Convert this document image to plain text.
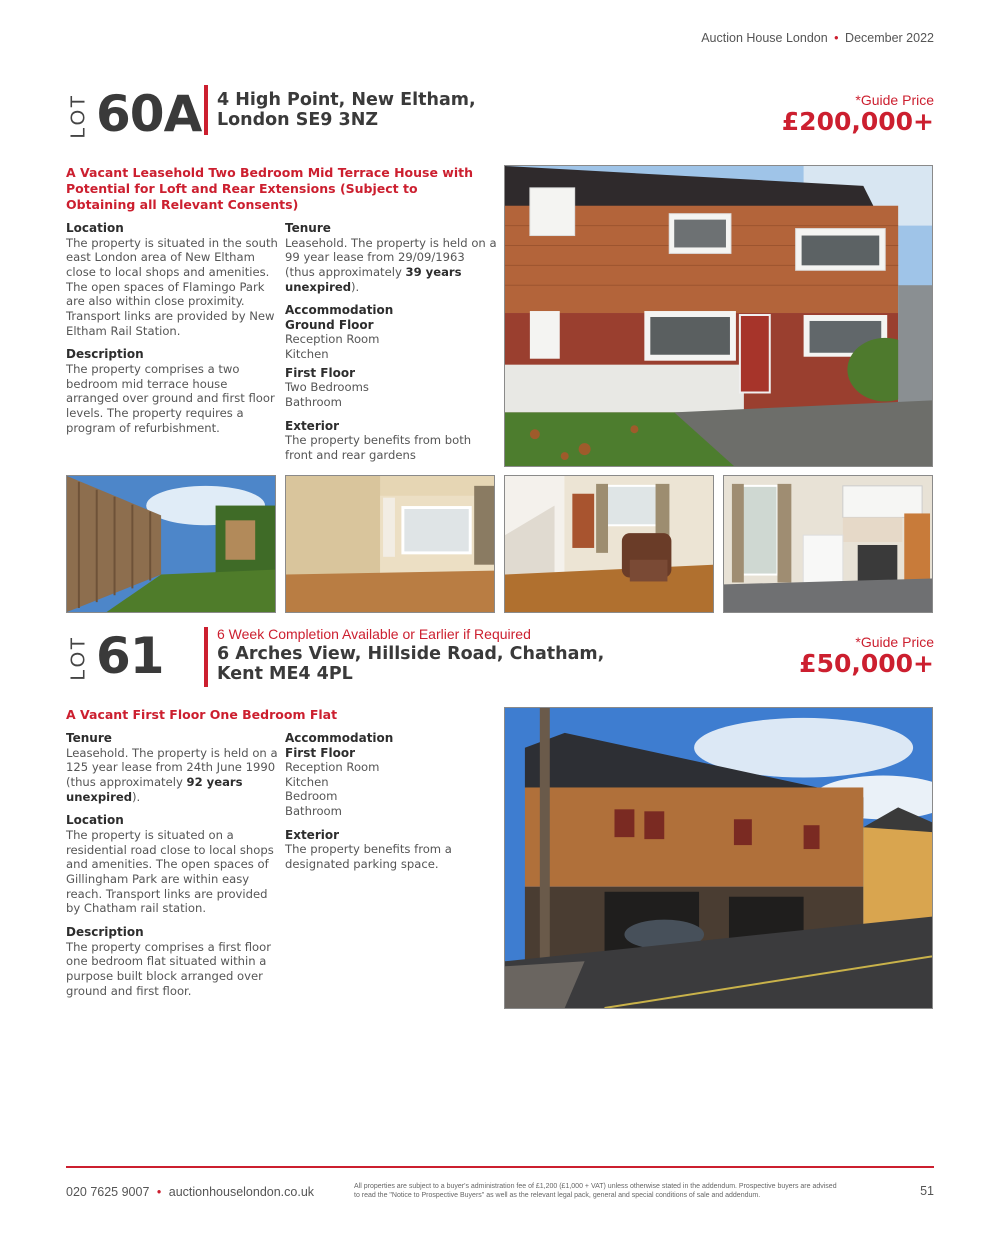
Auction House London • December 2022
LOT 60A 4 High Point, New Eltham,
London SE9 3NZ
*Guide Price
£200,000+
A Vacant Leasehold Two Bedroom Mid Terrace House with Potential for Loft and Rear Extensions (Subject to Obtaining all Relevant Consents)
Location
The property is situated in the south east London area of New Eltham close to local shops and amenities. The open spaces of Flamingo Park are also within close proximity. Transport links are provided by New Eltham Rail Station.
Description
The property comprises a two bedroom mid terrace house arranged over ground and first floor levels. The property requires a program of refurbishment.
Tenure
Leasehold. The property is held on a 99 year lease from 29/09/1963 (thus approximately 39 years unexpired).
Accommodation
Ground Floor
Reception Room
Kitchen
First Floor
Two Bedrooms
Bathroom
Exterior
The property benefits from both front and rear gardens
LOT 61	6 Week Completion Available or Earlier if Required
6 Arches View, Hillside Road, Chatham,
Kent ME4 4PL
*Guide Price
£50,000+
A Vacant First Floor One Bedroom Flat
Tenure
Leasehold. The property is held on a 125 year lease from 24th June 1990 (thus approximately 92 years unexpired).
Location
The property is situated on a residential road close to local shops and amenities. The open spaces of Gillingham Park are within easy reach. Transport links are provided by Chatham rail station.
Description
The property comprises a first floor one bedroom flat situated within a purpose built block arranged over ground and first floor.
Accommodation
First Floor
Reception Room
Kitchen
Bedroom
Bathroom
Exterior
The property benefits from a designated parking space.
020 7625 9007 • auctionhouselondon.co.uk	All properties are subject to a buyer's administration fee of £1,200 (£1,000 + VAT) unless otherwise stated in the addendum. Prospective buyers are advised to read the "Notice to Prospective Buyers" as well as the relevant legal pack, general and special conditions of sale and addendum.	51
